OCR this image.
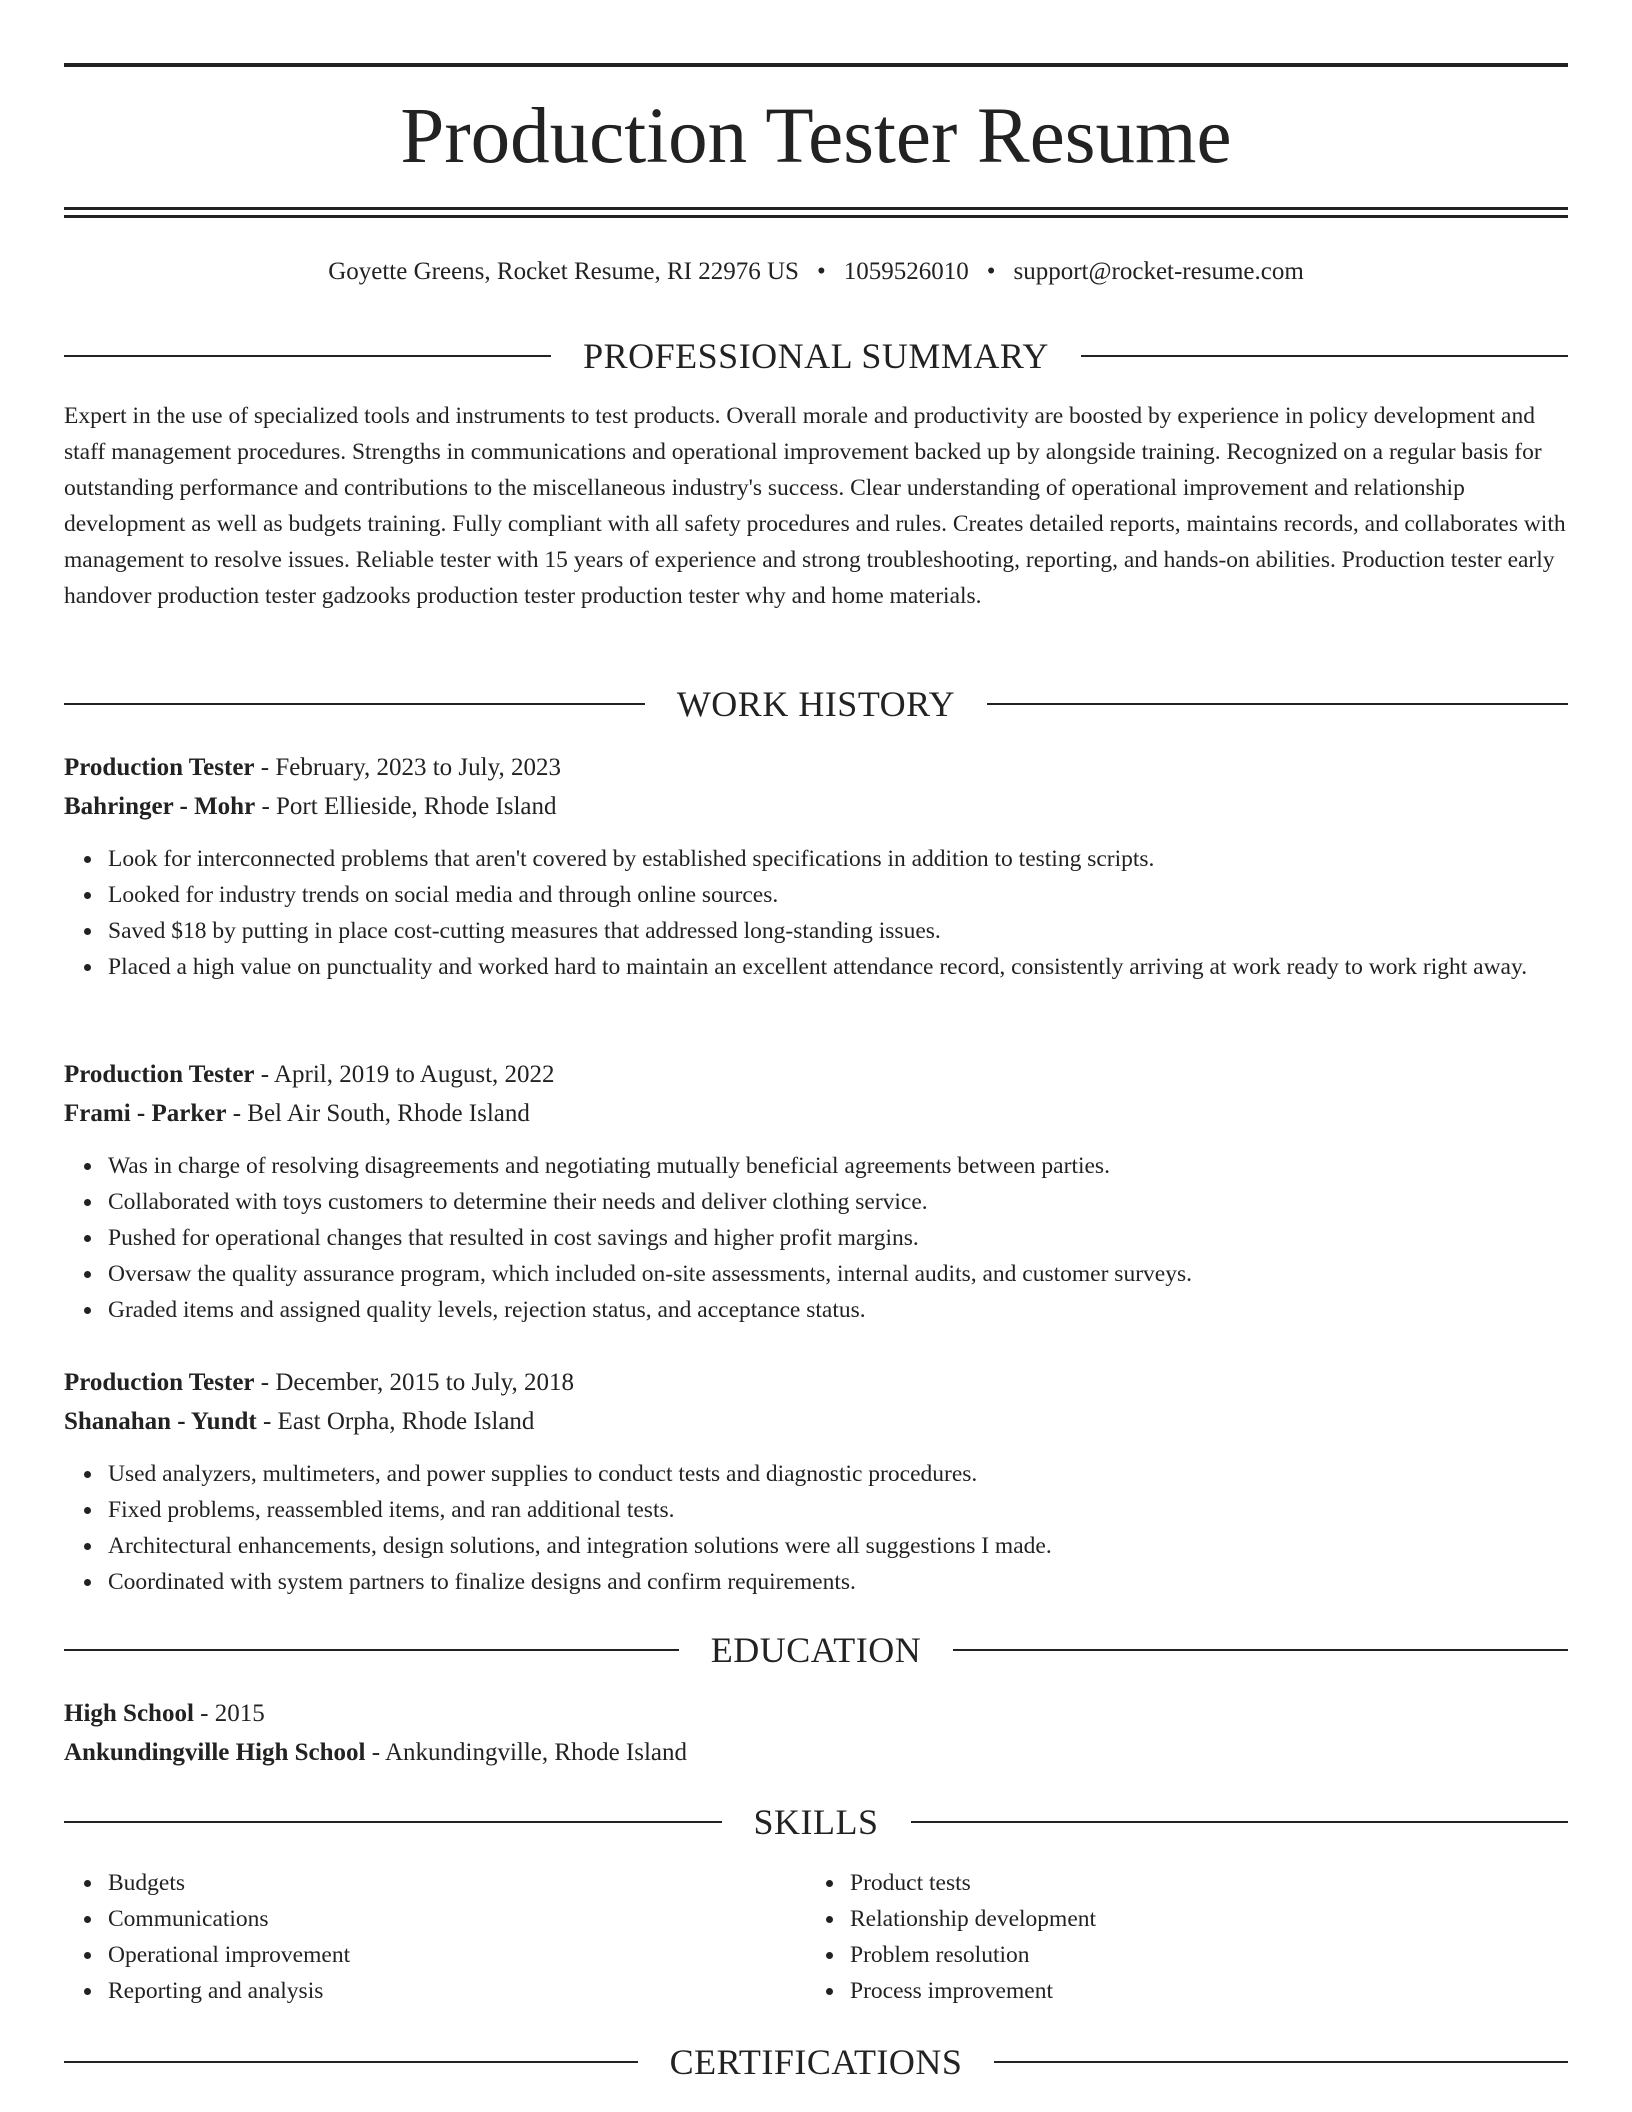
Production Tester Resume
Goyette Greens, Rocket Resume, RI 22976 US • 1059526010 • support@rocket-resume.com
PROFESSIONAL SUMMARY

Expert in the use of specialized tools and instruments to test products. Overall morale and productivity are boosted by experience in policy development and staff management procedures. Strengths in communications and operational improvement backed up by alongside training. Recognized on a regular basis for outstanding performance and contributions to the miscellaneous industry's success. Clear understanding of operational improvement and relationship development as well as budgets training. Fully compliant with all safety procedures and rules. Creates detailed reports, maintains records, and collaborates with management to resolve issues. Reliable tester with 15 years of experience and strong troubleshooting, reporting, and hands-on abilities. Production tester early handover production tester gadzooks production tester production tester why and home materials.

WORK HISTORY
Production Tester - February, 2023 to July, 2023
Bahringer - Mohr - Port Ellieside, Rhode Island
Look for interconnected problems that aren't covered by established specifications in addition to testing scripts.
Looked for industry trends on social media and through online sources.
Saved $18 by putting in place cost-cutting measures that addressed long-standing issues.
Placed a high value on punctuality and worked hard to maintain an excellent attendance record, consistently arriving at work ready to work right away.
Production Tester - April, 2019 to August, 2022
Frami - Parker - Bel Air South, Rhode Island
Was in charge of resolving disagreements and negotiating mutually beneficial agreements between parties.
Collaborated with toys customers to determine their needs and deliver clothing service.
Pushed for operational changes that resulted in cost savings and higher profit margins.
Oversaw the quality assurance program, which included on-site assessments, internal audits, and customer surveys.
Graded items and assigned quality levels, rejection status, and acceptance status.
Production Tester - December, 2015 to July, 2018
Shanahan - Yundt - East Orpha, Rhode Island
Used analyzers, multimeters, and power supplies to conduct tests and diagnostic procedures.
Fixed problems, reassembled items, and ran additional tests.
Architectural enhancements, design solutions, and integration solutions were all suggestions I made.
Coordinated with system partners to finalize designs and confirm requirements.
EDUCATION
High School - 2015
Ankundingville High School - Ankundingville, Rhode Island
SKILLS
Budgets
Communications
Operational improvement
Reporting and analysis
Product tests
Relationship development
Problem resolution
Process improvement
CERTIFICATIONS
